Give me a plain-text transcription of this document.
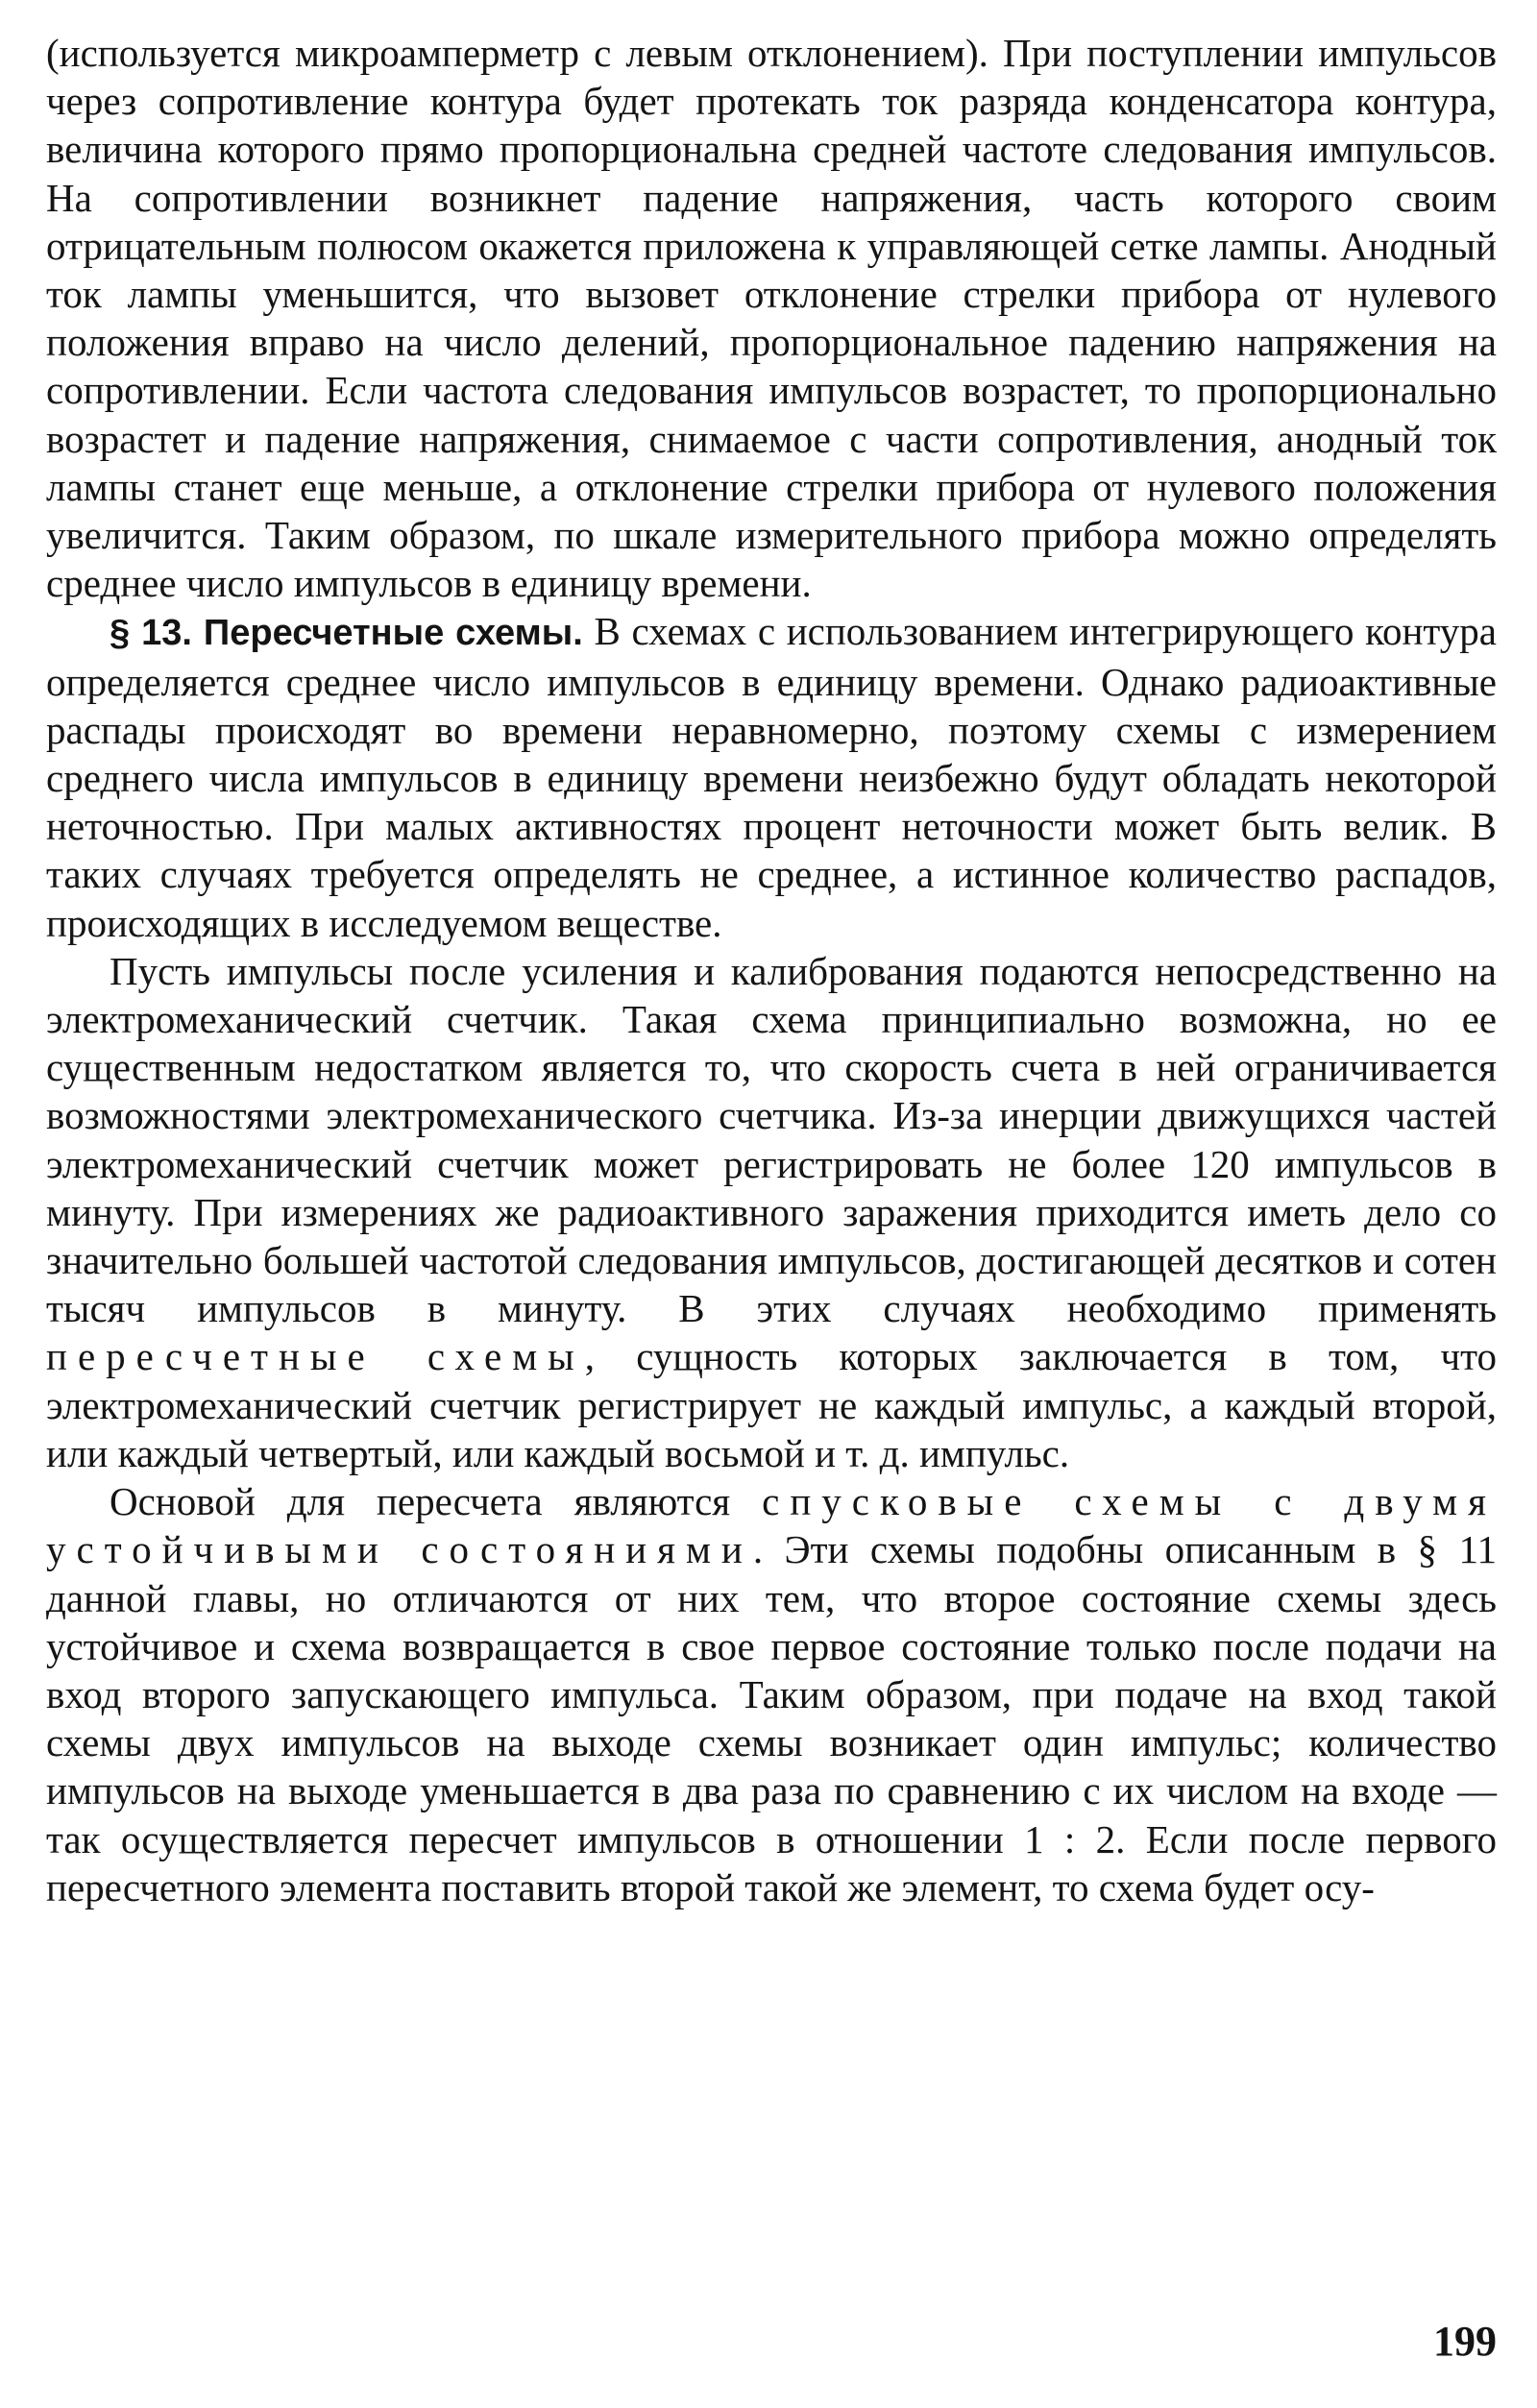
(используется микроамперметр с левым отклонением). При поступлении импульсов через сопротивление контура будет протекать ток разряда конденсатора контура, величина которого прямо пропорциональна средней частоте следования импульсов. На сопротивлении возникнет падение напряжения, часть которого своим отрицательным полюсом окажется приложена к управляющей сетке лампы. Анодный ток лампы уменьшится, что вызовет отклонение стрелки прибора от нулевого положения вправо на число делений, пропорциональное падению напряжения на сопротивлении. Если частота следования импульсов возрастет, то пропорционально возрастет и падение напряжения, снимаемое с части сопротивления, анодный ток лампы станет еще меньше, а отклонение стрелки прибора от нулевого положения увеличится. Таким образом, по шкале измерительного прибора можно определять среднее число импульсов в единицу времени.

§ 13. Пересчетные схемы. В схемах с использованием интегрирующего контура определяется среднее число импульсов в единицу времени. Однако радиоактивные распады происходят во времени неравномерно, поэтому схемы с измерением среднего числа импульсов в единицу времени неизбежно будут обладать некоторой неточностью. При малых активностях процент неточности может быть велик. В таких случаях требуется определять не среднее, а истинное количество распадов, происходящих в исследуемом веществе.

Пусть импульсы после усиления и калибрования подаются непосредственно на электромеханический счетчик. Такая схема принципиально возможна, но ее существенным недостатком является то, что скорость счета в ней ограничивается возможностями электромеханического счетчика. Из-за инерции движущихся частей электромеханический счетчик может регистрировать не более 120 импульсов в минуту. При измерениях же радиоактивного заражения приходится иметь дело со значительно большей частотой следования импульсов, достигающей десятков и сотен тысяч импульсов в минуту. В этих случаях необходимо применять пересчетные схемы, сущность которых заключается в том, что электромеханический счетчик регистрирует не каждый импульс, а каждый второй, или каждый четвертый, или каждый восьмой и т. д. импульс.

Основой для пересчета являются спусковые схемы с двумя устойчивыми состояниями. Эти схемы подобны описанным в § 11 данной главы, но отличаются от них тем, что второе состояние схемы здесь устойчивое и схема возвращается в свое первое состояние только после подачи на вход второго запускающего импульса. Таким образом, при подаче на вход такой схемы двух импульсов на выходе схемы возникает один импульс; количество импульсов на выходе уменьшается в два раза по сравнению с их числом на входе — так осуществляется пересчет импульсов в отношении 1 : 2. Если после первого пересчетного элемента поставить второй такой же элемент, то схема будет осу-

199
